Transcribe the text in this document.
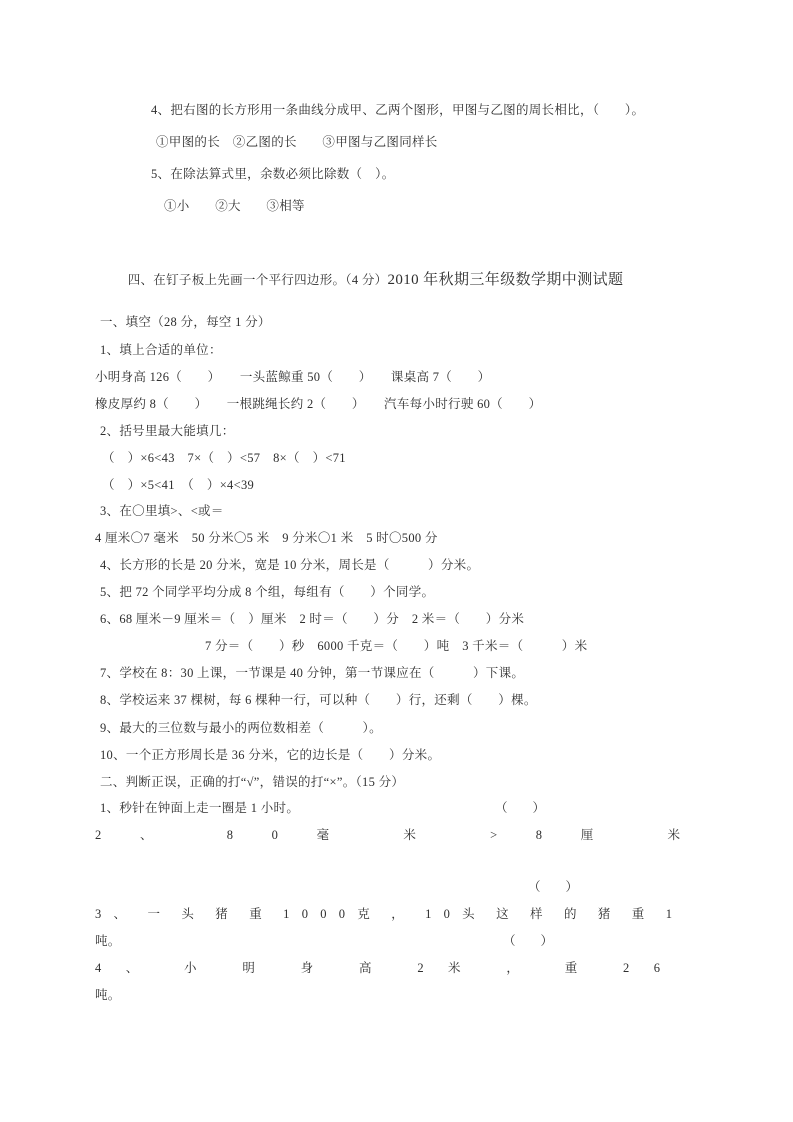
4、把右图的长方形用一条曲线分成甲、乙两个图形，甲图与乙图的周长相比，（　　）。
①甲图的长　②乙图的长　　③甲图与乙图同样长
5、在除法算式里，余数必须比除数（　）。
①小　　②大　　③相等

四、在钉子板上先画一个平行四边形。（4 分）2010 年秋期三年级数学期中测试题

一、填空（28 分，每空 1 分）
1、填上合适的单位：
小明身高 126（　　）　　一头蓝鲸重 50（　　）　　课桌高 7（　　）
橡皮厚约 8（　　）　　一根跳绳长约 2（　　）　　汽车每小时行驶 60（　　）
2、括号里最大能填几：
（　）×6<43　7×（　）<57　8×（　）<71
（　）×5<41　（　）×4<39
3、在〇里填>、<或＝
4 厘米〇7 毫米　50 分米〇5 米　9 分米〇1 米　5 时〇500 分
4、长方形的长是 20 分米，宽是 10 分米，周长是（　　　）分米。
5、把 72 个同学平均分成 8 个组，每组有（　　）个同学。
6、68 厘米－9 厘米＝（　）厘米　2 时＝（　　）分　2 米＝（　　）分米
7 分＝（　　）秒　6000 千克＝（　　）吨　3 千米＝（　　　）米
7、学校在 8：30 上课，一节课是 40 分钟，第一节课应在（　　　）下课。
8、学校运来 37 棵树，每 6 棵种一行，可以种（　　）行，还剩（　　）棵。
9、最大的三位数与最小的两位数相差（　　　）。
10、一个正方形周长是 36 分米，它的边长是（　　）分米。
二、判断正误，正确的打“√”，错误的打“×”。（15 分）
1、秒针在钟面上走一圈是 1 小时。	（　　）
2 、 8 0 毫 米 > 8 厘 米
（　　）
3 、 一 头 猪 重 1 0 0 0 克 ， 1 0 头 这 样 的 猪 重 1
吨。	（　　）
4 、 小 明 身 高 2 米 ， 重 2 6
吨。
